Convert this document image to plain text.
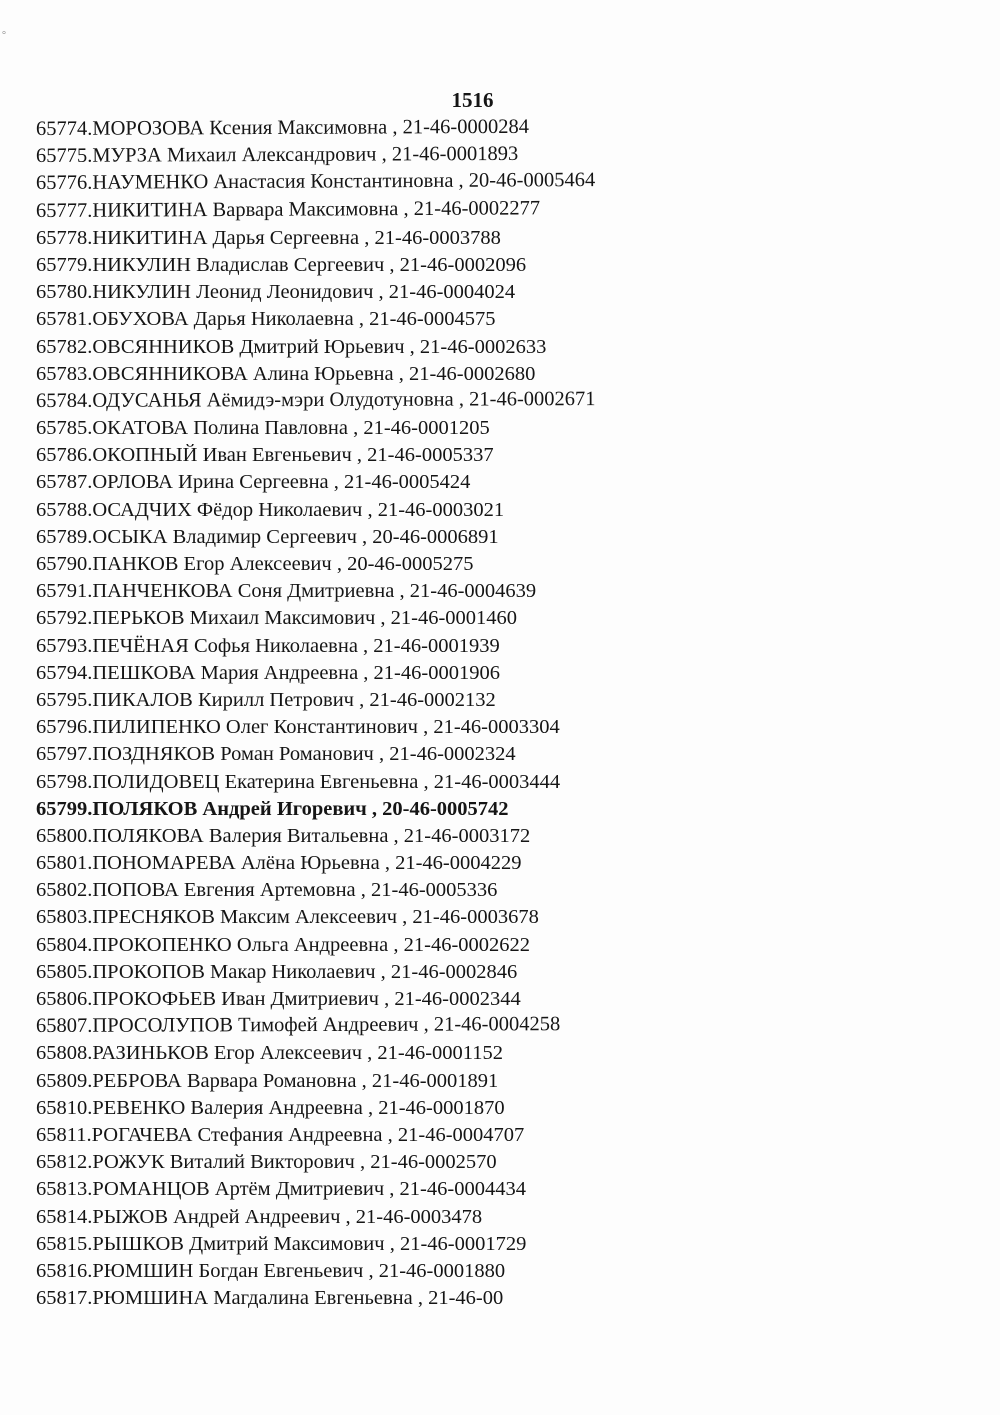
°
1516
65774.МОРОЗОВА Ксения Максимовна , 21-46-0000284
65775.МУРЗА Михаил Александрович , 21-46-0001893
65776.НАУМЕНКО Анастасия Константиновна , 20-46-0005464
65777.НИКИТИНА Варвара Максимовна , 21-46-0002277
65778.НИКИТИНА Дарья Сергеевна , 21-46-0003788
65779.НИКУЛИН Владислав Сергеевич , 21-46-0002096
65780.НИКУЛИН Леонид Леонидович , 21-46-0004024
65781.ОБУХОВА Дарья Николаевна , 21-46-0004575
65782.ОВСЯННИКОВ Дмитрий Юрьевич , 21-46-0002633
65783.ОВСЯННИКОВА Алина Юрьевна , 21-46-0002680
65784.ОДУСАНЬЯ Аёмидэ-мэри Олудотуновна , 21-46-0002671
65785.ОКАТОВА Полина Павловна , 21-46-0001205
65786.ОКОПНЫЙ Иван Евгеньевич , 21-46-0005337
65787.ОРЛОВА Ирина Сергеевна , 21-46-0005424
65788.ОСАДЧИХ Фёдор Николаевич , 21-46-0003021
65789.ОСЫКА Владимир Сергеевич , 20-46-0006891
65790.ПАНКОВ Егор Алексеевич , 20-46-0005275
65791.ПАНЧЕНКОВА Соня Дмитриевна , 21-46-0004639
65792.ПЕРЬКОВ Михаил Максимович , 21-46-0001460
65793.ПЕЧЁНАЯ Софья Николаевна , 21-46-0001939
65794.ПЕШКОВА Мария Андреевна , 21-46-0001906
65795.ПИКАЛОВ Кирилл Петрович , 21-46-0002132
65796.ПИЛИПЕНКО Олег Константинович , 21-46-0003304
65797.ПОЗДНЯКОВ Роман Романович , 21-46-0002324
65798.ПОЛИДОВЕЦ Екатерина Евгеньевна , 21-46-0003444
65799.ПОЛЯКОВ Андрей Игоревич , 20-46-0005742
65800.ПОЛЯКОВА Валерия Витальевна , 21-46-0003172
65801.ПОНОМАРЕВА Алёна Юрьевна , 21-46-0004229
65802.ПОПОВА Евгения Артемовна , 21-46-0005336
65803.ПРЕСНЯКОВ Максим Алексеевич , 21-46-0003678
65804.ПРОКОПЕНКО Ольга Андреевна , 21-46-0002622
65805.ПРОКОПОВ Макар Николаевич , 21-46-0002846
65806.ПРОКОФЬЕВ Иван Дмитриевич , 21-46-0002344
65807.ПРОСОЛУПОВ Тимофей Андреевич , 21-46-0004258
65808.РАЗИНЬКОВ Егор Алексеевич , 21-46-0001152
65809.РЕБРОВА Варвара Романовна , 21-46-0001891
65810.РЕВЕНКО Валерия Андреевна , 21-46-0001870
65811.РОГАЧЕВА Стефания Андреевна , 21-46-0004707
65812.РОЖУК Виталий Викторович , 21-46-0002570
65813.РОМАНЦОВ Артём Дмитриевич , 21-46-0004434
65814.РЫЖОВ Андрей Андреевич , 21-46-0003478
65815.РЫШКОВ Дмитрий Максимович , 21-46-0001729
65816.РЮМШИН Богдан Евгеньевич , 21-46-0001880
65817.РЮМШИНА Магдалина Евгеньевна , 21-46-00
